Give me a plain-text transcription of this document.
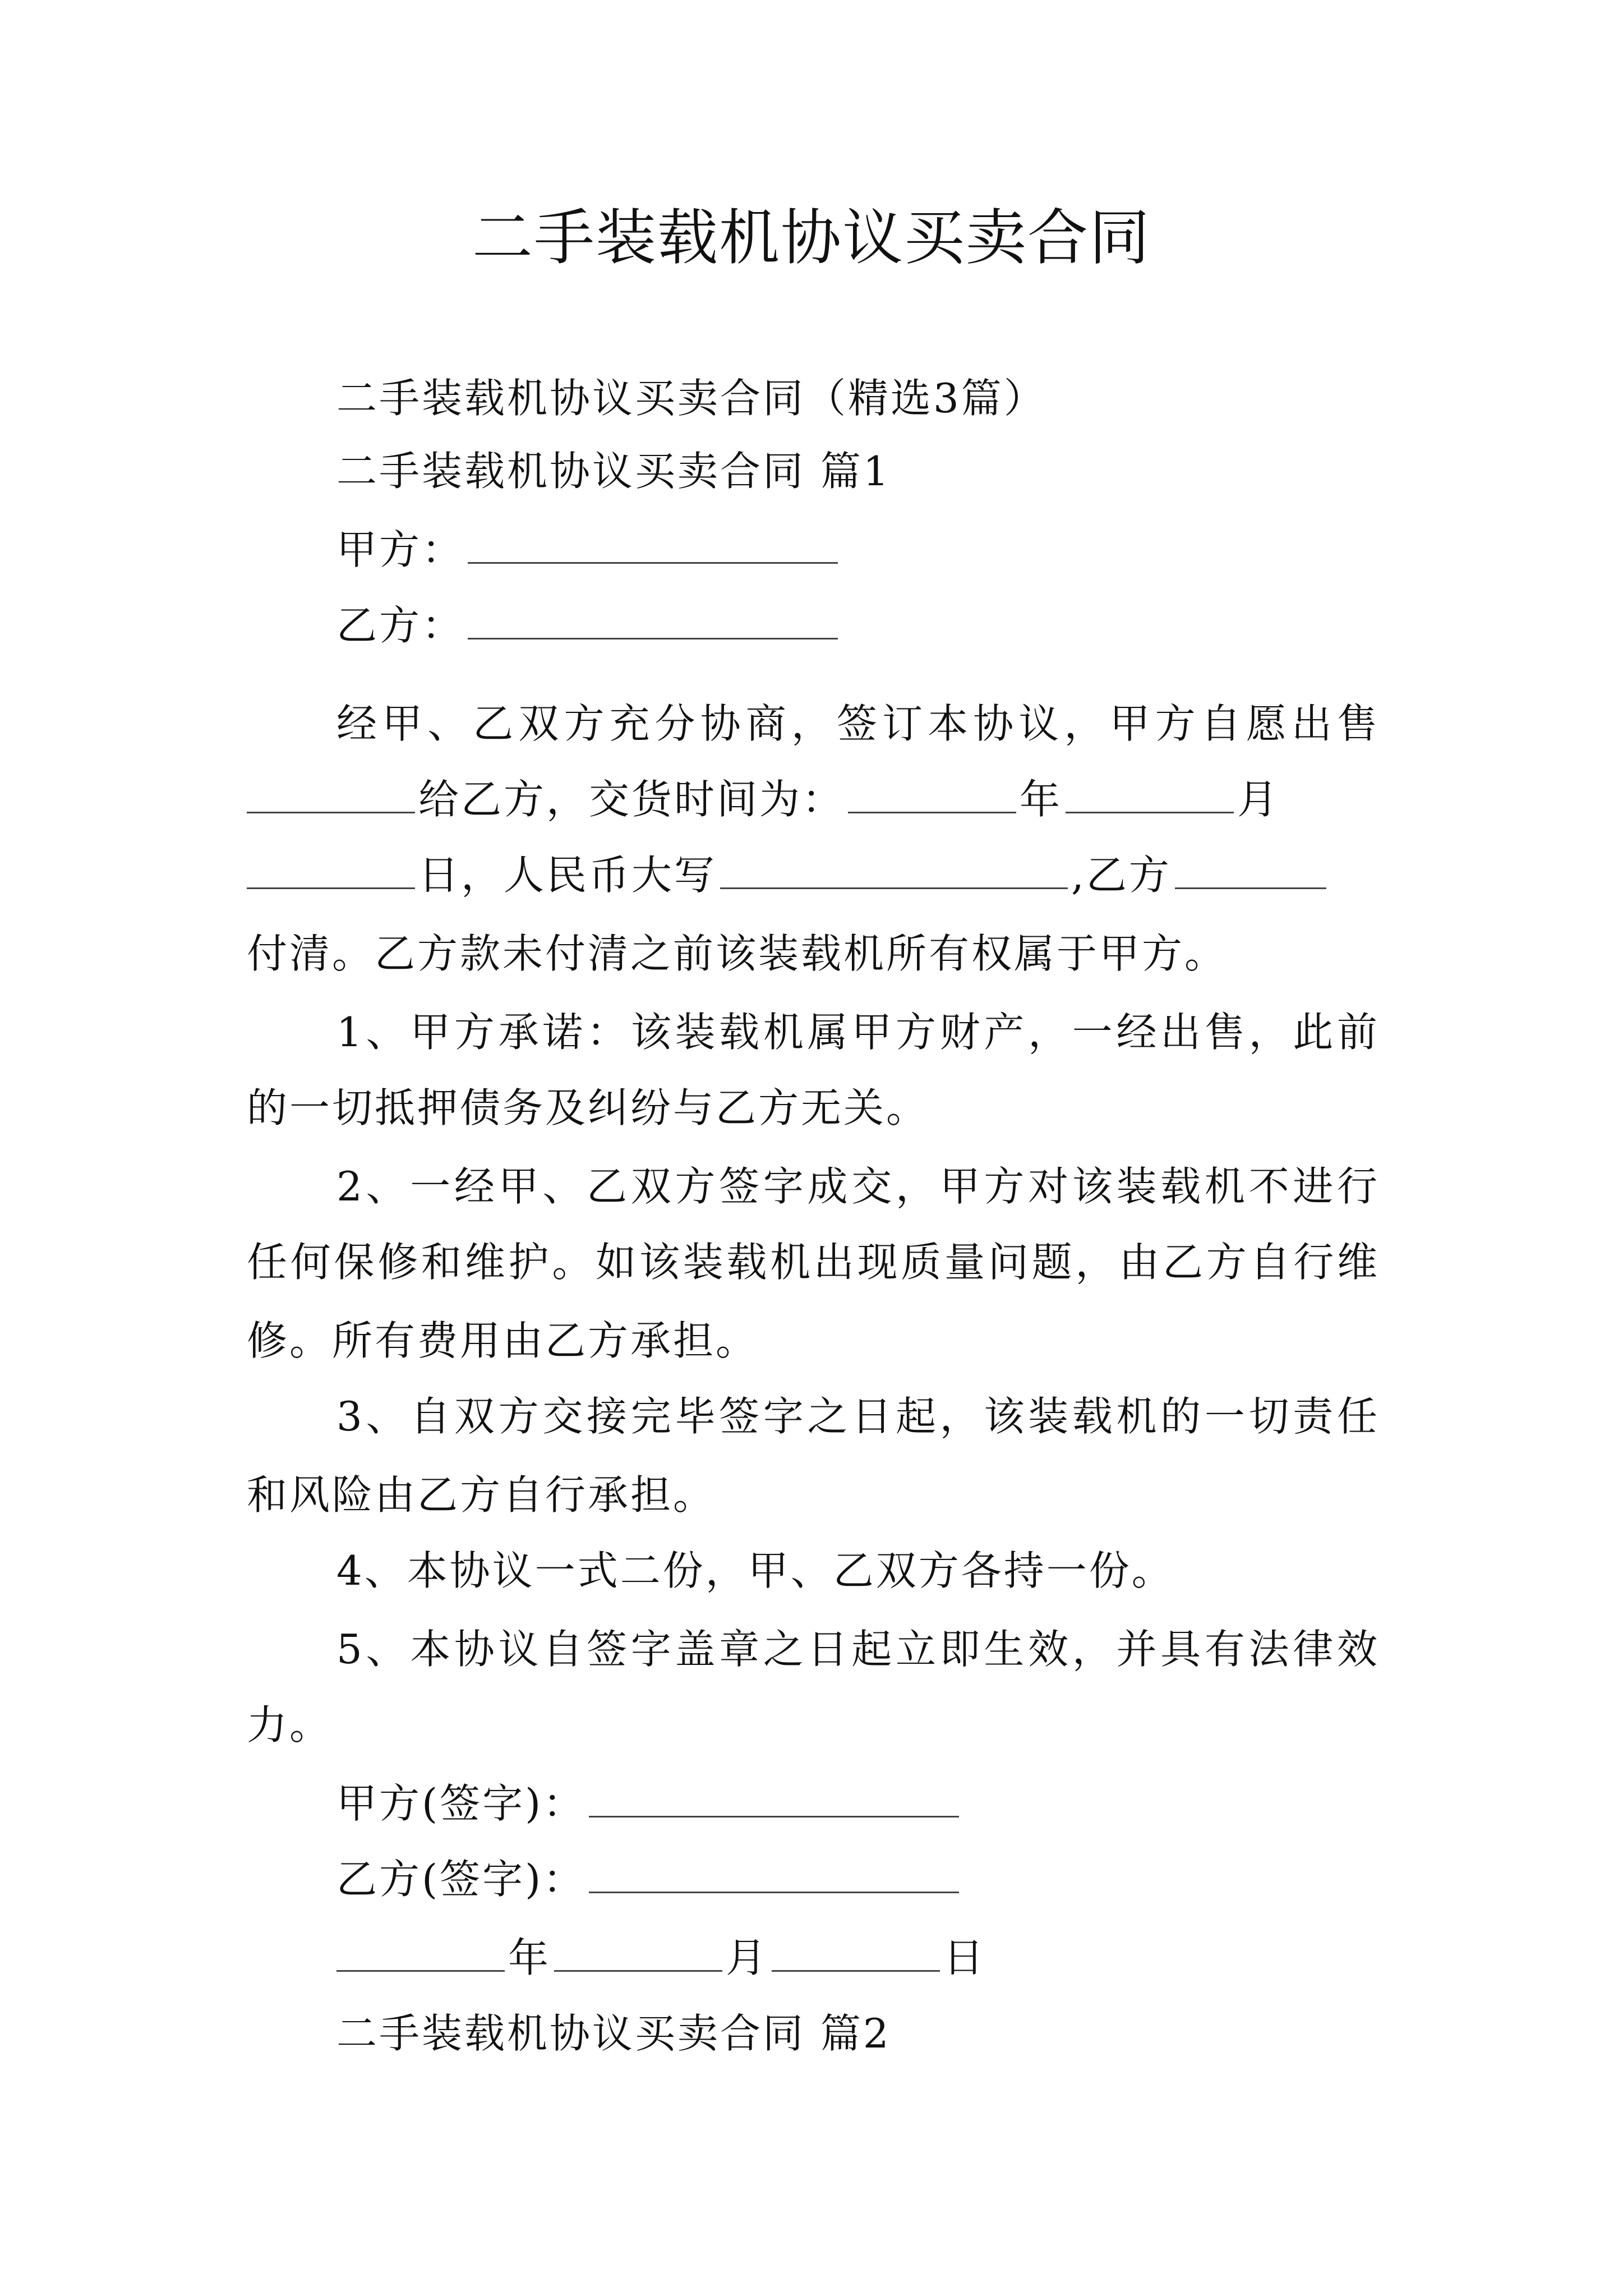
二手装载机协议买卖合同
二手装载机协议买卖合同（精选3篇）
二手装载机协议买卖合同 篇1
甲方：
乙方：
经甲、乙双方充分协商，签订本协议，甲方自愿出售
给乙方，交货时间为：	年	月
日，人民币大写	,乙方
付清。乙方款未付清之前该装载机所有权属于甲方。
1、甲方承诺：该装载机属甲方财产，一经出售，此前
的一切抵押债务及纠纷与乙方无关。
2、一经甲、乙双方签字成交，甲方对该装载机不进行
任何保修和维护。如该装载机出现质量问题，由乙方自行维
修。所有费用由乙方承担。
3、自双方交接完毕签字之日起，该装载机的一切责任
和风险由乙方自行承担。
4、本协议一式二份，甲、乙双方各持一份。
5、本协议自签字盖章之日起立即生效，并具有法律效
力。
甲方(签字)：
乙方(签字)：
年	月	日
二手装载机协议买卖合同 篇2
